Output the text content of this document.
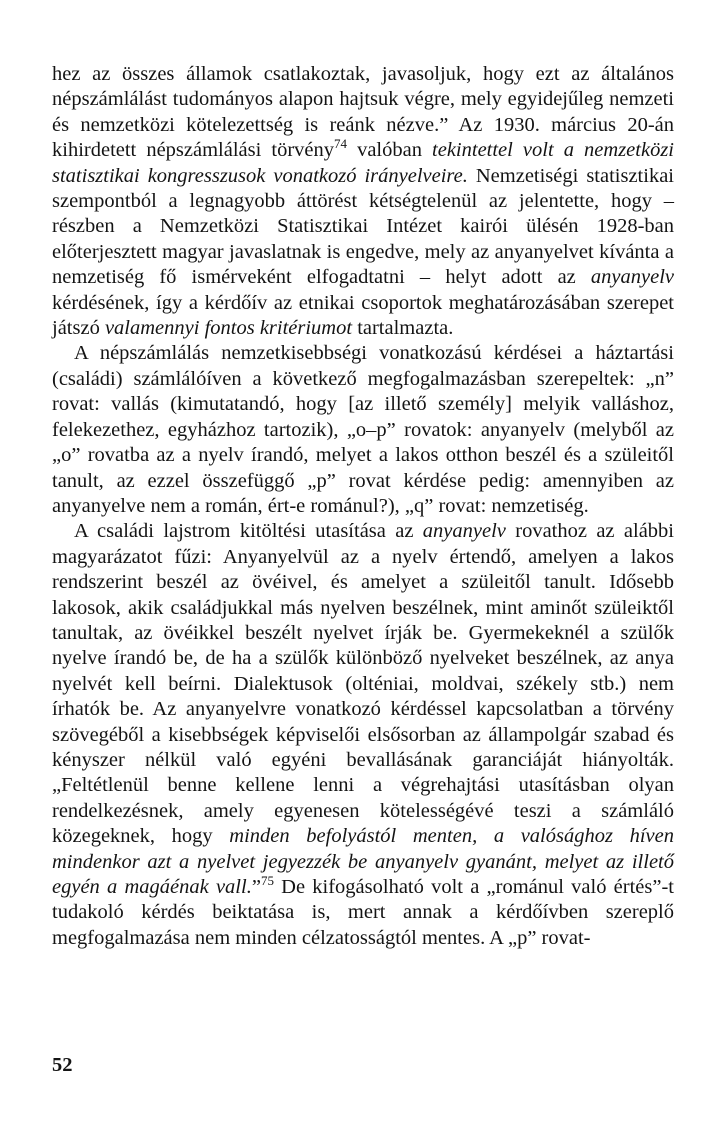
hez az összes államok csatlakoztak, javasoljuk, hogy ezt az általános népszámlálást tudományos alapon hajtsuk végre, mely egyidejűleg nemzeti és nemzetközi kötelezettség is reánk nézve.” Az 1930. március 20-án kihirdetett népszámlálási törvény$^{74}$ valóban tekintettel volt a nemzetközi statisztikai kongresszusok vonatkozó irányelveire. Nemzetiségi statisztikai szempontból a legnagyobb áttörést kétségtelenül az jelentette, hogy – részben a Nemzetközi Statisztikai Intézet kairói ülésén 1928-ban előterjesztett magyar javaslatnak is engedve, mely az anyanyelvet kívánta a nemzetiség fő ismérveként elfogadtatni – helyt adott az anyanyelv kérdésének, így a kérdőív az etnikai csoportok meghatározásában szerepet játszó valamennyi fontos kritériumot tartalmazta.

A népszámlálás nemzetkisebbségi vonatkozású kérdései a háztartási (családi) számlálóíven a következő megfogalmazásban szerepeltek: „n” rovat: vallás (kimutatandó, hogy [az illető személy] melyik valláshoz, felekezethez, egyházhoz tartozik), „o–p” rovatok: anyanyelv (melyből az „o” rovatba az a nyelv írandó, melyet a lakos otthon beszél és a szüleitől tanult, az ezzel összefüggő „p” rovat kérdése pedig: amennyiben az anyanyelve nem a román, ért-e románul?), „q” rovat: nemzetiség.

A családi lajstrom kitöltési utasítása az anyanyelv rovathoz az alábbi magyarázatot fűzi: Anyanyelvül az a nyelv értendő, amelyen a lakos rendszerint beszél az övéivel, és amelyet a szüleitől tanult. Idősebb lakosok, akik családjukkal más nyelven beszélnek, mint aminőt szüleiktől tanultak, az övéikkel beszélt nyelvet írják be. Gyermekeknél a szülők nyelve írandó be, de ha a szülők különböző nyelveket beszélnek, az anya nyelvét kell beírni. Dialektusok (olténiai, moldvai, székely stb.) nem írhatók be. Az anyanyelvre vonatkozó kérdéssel kapcsolatban a törvény szövegéből a kisebbségek képviselői elsősorban az állampolgár szabad és kényszer nélkül való egyéni bevallásának garanciáját hiányolták. „Feltétlenül benne kellene lenni a végrehajtási utasításban olyan rendelkezésnek, amely egyenesen kötelességévé teszi a számláló közegeknek, hogy minden befolyástól menten, a valósághoz híven mindenkor azt a nyelvet jegyezzék be anyanyelv gyanánt, melyet az illető egyén a magáénak vall.”$^{75}$ De kifogásolható volt a „románul való értés”-t tudakoló kérdés beiktatása is, mert annak a kérdőívben szereplő megfogalmazása nem minden célzatosságtól mentes. A „p” rovat-

52
